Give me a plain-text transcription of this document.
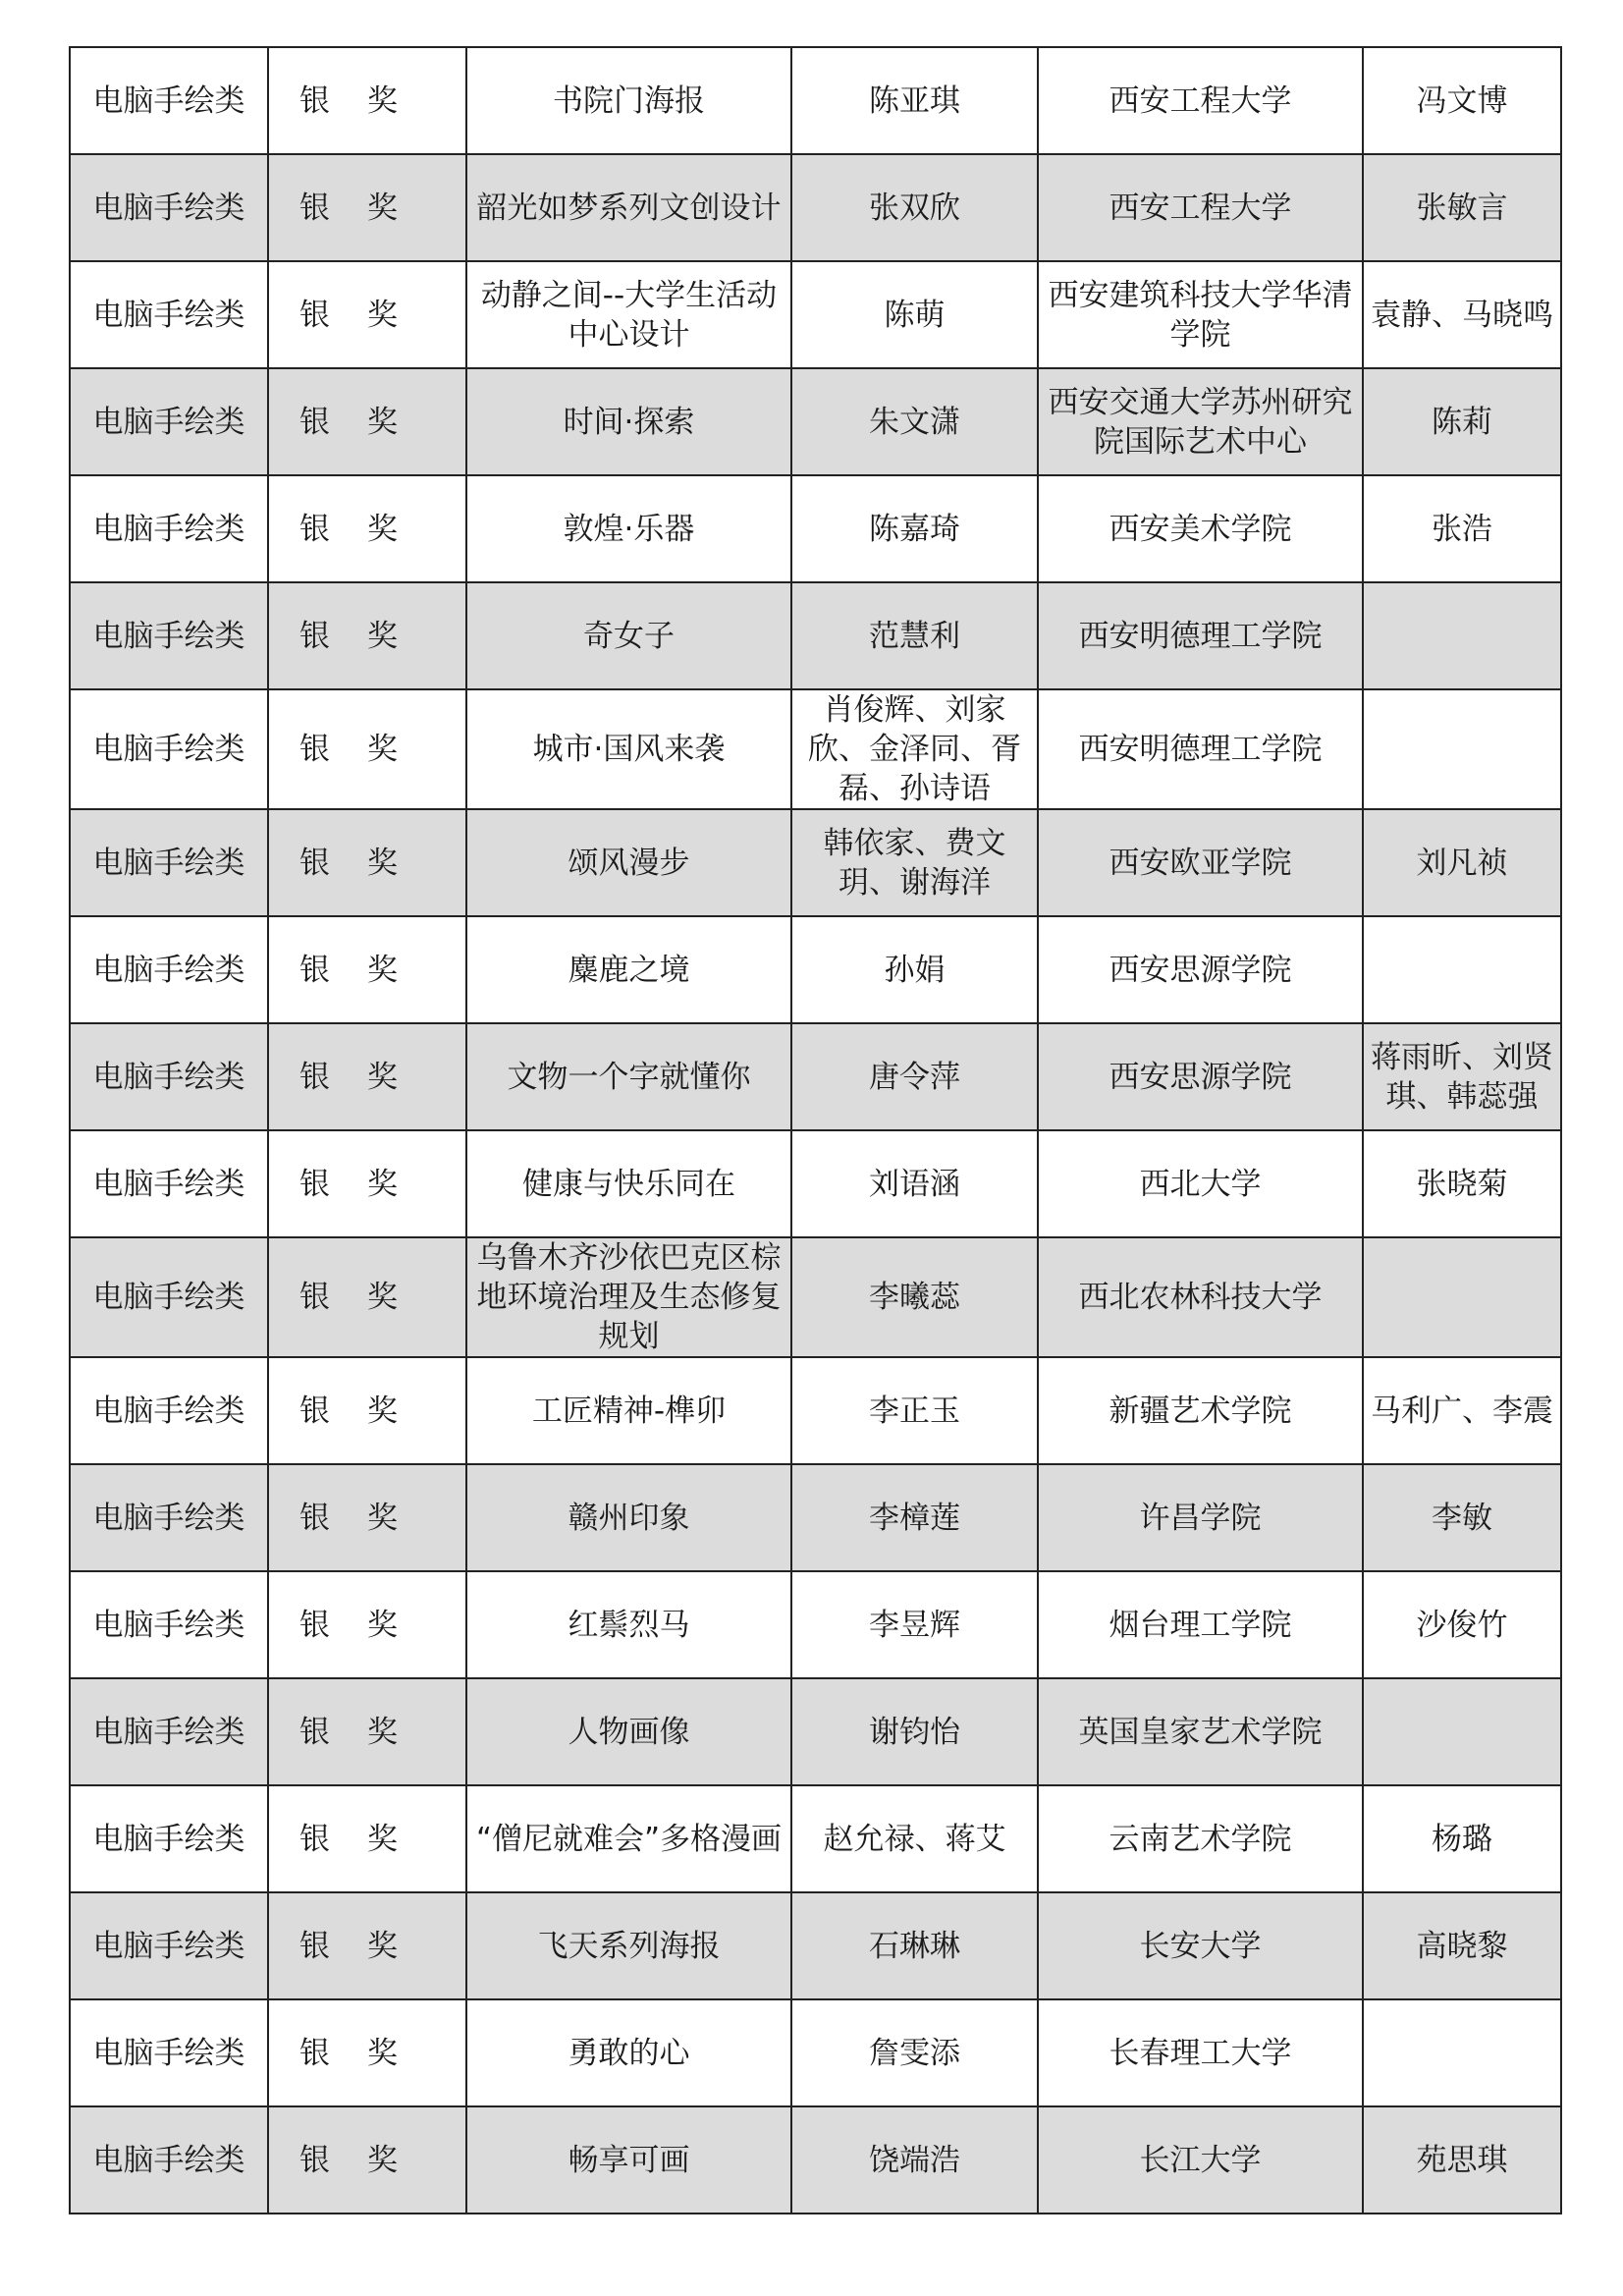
电脑手绘类	银奖	书院门海报	陈亚琪	西安工程大学	冯文博
电脑手绘类	银奖	韶光如梦系列文创设计	张双欣	西安工程大学	张敏言
电脑手绘类	银奖	动静之间--大学生活动中心设计	陈萌	西安建筑科技大学华清学院	袁静、马晓鸣
电脑手绘类	银奖	时间·探索	朱文潇	西安交通大学苏州研究院国际艺术中心	陈莉
电脑手绘类	银奖	敦煌·乐器	陈嘉琦	西安美术学院	张浩
电脑手绘类	银奖	奇女子	范慧利	西安明德理工学院	
电脑手绘类	银奖	城市·国风来袭	肖俊辉、刘家欣、金泽同、胥磊、孙诗语	西安明德理工学院	
电脑手绘类	银奖	颂风漫步	韩依家、费文玥、谢海洋	西安欧亚学院	刘凡祯
电脑手绘类	银奖	麋鹿之境	孙娟	西安思源学院	
电脑手绘类	银奖	文物一个字就懂你	唐令萍	西安思源学院	蒋雨昕、刘贤琪、韩蕊强
电脑手绘类	银奖	健康与快乐同在	刘语涵	西北大学	张晓菊
电脑手绘类	银奖	乌鲁木齐沙依巴克区棕地环境治理及生态修复规划	李曦蕊	西北农林科技大学	
电脑手绘类	银奖	工匠精神-榫卯	李正玉	新疆艺术学院	马利广、李震
电脑手绘类	银奖	赣州印象	李樟莲	许昌学院	李敏
电脑手绘类	银奖	红鬃烈马	李昱辉	烟台理工学院	沙俊竹
电脑手绘类	银奖	人物画像	谢钧怡	英国皇家艺术学院	
电脑手绘类	银奖	“僧尼就难会”多格漫画	赵允禄、蒋艾	云南艺术学院	杨璐
电脑手绘类	银奖	飞天系列海报	石琳琳	长安大学	高晓黎
电脑手绘类	银奖	勇敢的心	詹雯添	长春理工大学	
电脑手绘类	银奖	畅享可画	饶端浩	长江大学	苑思琪
